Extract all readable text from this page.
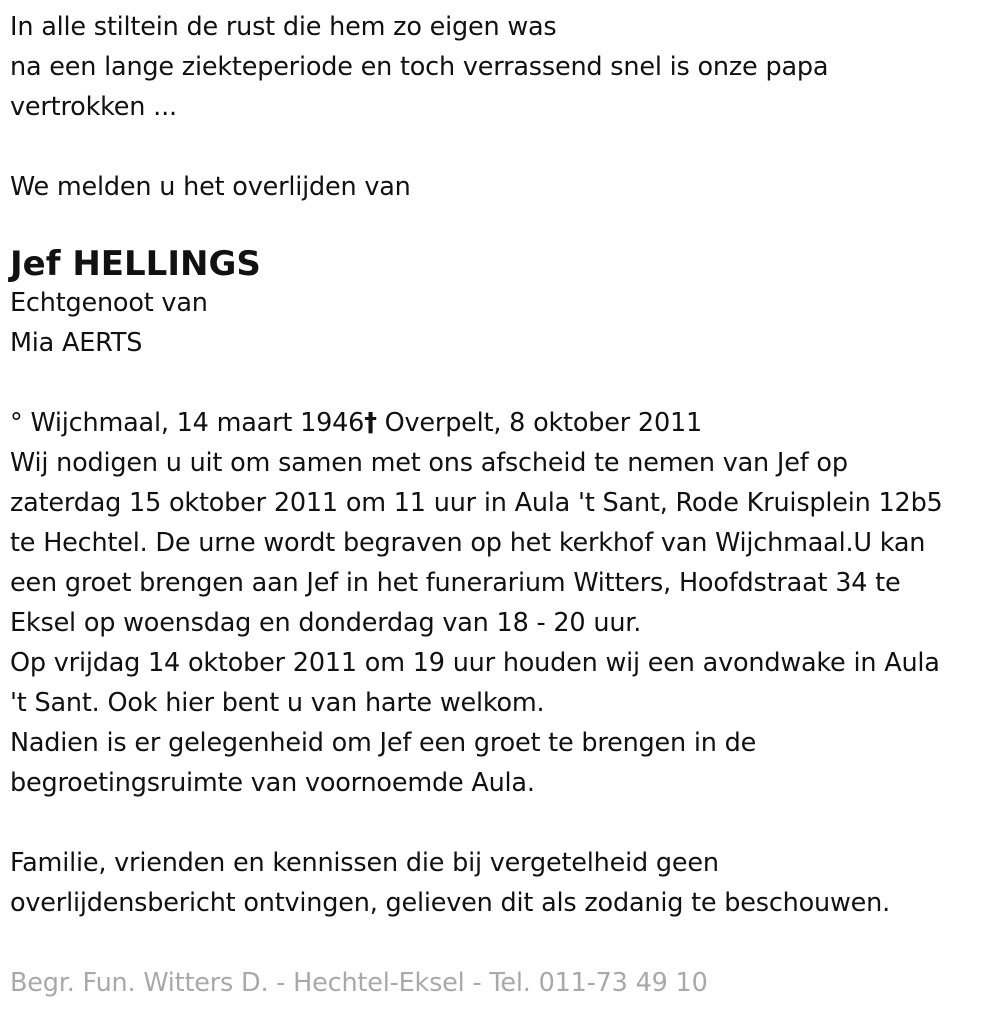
In alle stiltein de rust die hem zo eigen was
na een lange ziekteperiode en toch verrassend snel is onze papa
vertrokken ...
We melden u het overlijden van
Jef HELLINGS
Echtgenoot van
Mia AERTS
° Wijchmaal, 14 maart 1946† Overpelt, 8 oktober 2011
Wij nodigen u uit om samen met ons afscheid te nemen van Jef op
zaterdag 15 oktober 2011 om 11 uur in Aula 't Sant, Rode Kruisplein 12b5
te Hechtel. De urne wordt begraven op het kerkhof van Wijchmaal.U kan
een groet brengen aan Jef in het funerarium Witters, Hoofdstraat 34 te
Eksel op woensdag en donderdag van 18 - 20 uur.
Op vrijdag 14 oktober 2011 om 19 uur houden wij een avondwake in Aula
't Sant. Ook hier bent u van harte welkom.
Nadien is er gelegenheid om Jef een groet te brengen in de
begroetingsruimte van voornoemde Aula.
Familie, vrienden en kennissen die bij vergetelheid geen
overlijdensbericht ontvingen, gelieven dit als zodanig te beschouwen.
Begr. Fun. Witters D. - Hechtel-Eksel - Tel. 011-73 49 10
